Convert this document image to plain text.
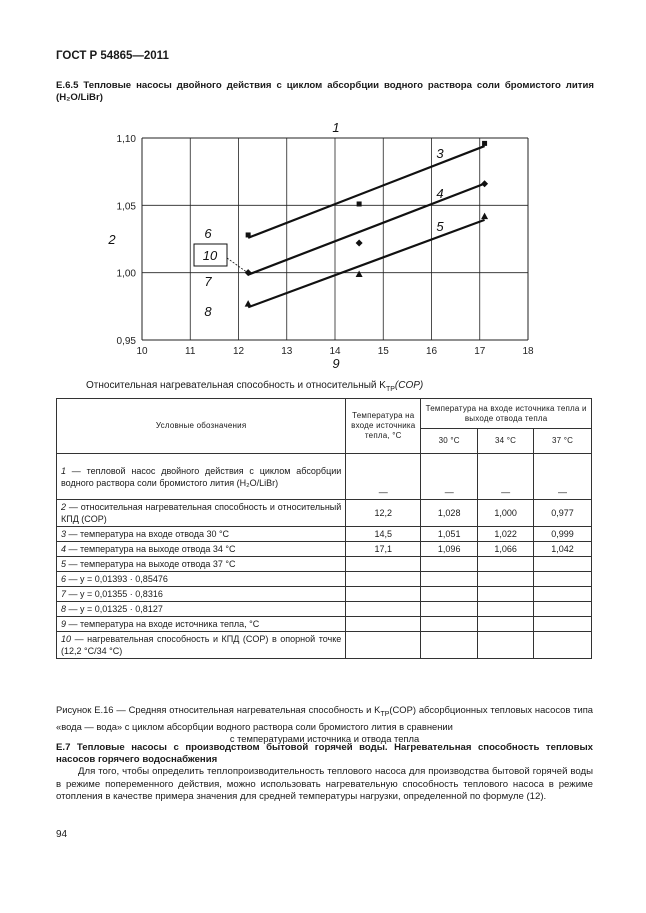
ГОСТ Р 54865—2011
E.6.5 Тепловые насосы двойного действия с циклом абсорбции водного раствора соли бромистого лития (H₂O/LiBr)
10	11	12	13	14	15	16	17	18
0,95
1,00
1,05
1,10
1
2
3
4
5
6
7
8
9
10
Относительная нагревательная способность и относительный $K_{TP}(COP)$
Условные обозначения	Температура на входе источника тепла, °С	Температура на входе источника тепла и выходе отвода тепла		
		30 °С	34 °С	37 °С
1 — тепловой насос двойного действия с циклом абсорбции водного раствора соли бромистого лития (H₂O/LiBr)	—	—	—	—
2 — относительная нагревательная способность и относительный КПД (COP)	12,2	1,028	1,000	0,977
3 — температура на входе отвода 30 °С	14,5	1,051	1,022	0,999
4 — температура на выходе отвода 34 °С	17,1	1,096	1,066	1,042
5 — температура на выходе отвода 37 °С				
6 — y = 0,01393 · 0,85476				
7 — y = 0,01355 · 0,8316				
8 — y = 0,01325 · 0,8127				
9 — температура на входе источника тепла, °С				
10 — нагревательная способность и КПД (COP) в опорной точке (12,2 °С/34 °С)				
Рисунок Е.16 — Средняя относительная нагревательная способность и $K_{TP}(COP)$ абсорбционных тепловых насосов типа «вода — вода» с циклом абсорбции водного раствора соли бромистого лития в сравнении
с температурами источника и отвода тепла
Е.7 Тепловые насосы с производством бытовой горячей воды. Нагревательная способность тепловых насосов горячего водоснабжения
Для того, чтобы определить теплопроизводительность теплового насоса для производства бытовой горячей воды в режиме попеременного действия, можно использовать нагревательную способность теплового насоса в режиме отопления в качестве примера значения для средней температуры нагрузки, определенной по формуле (12).
94
